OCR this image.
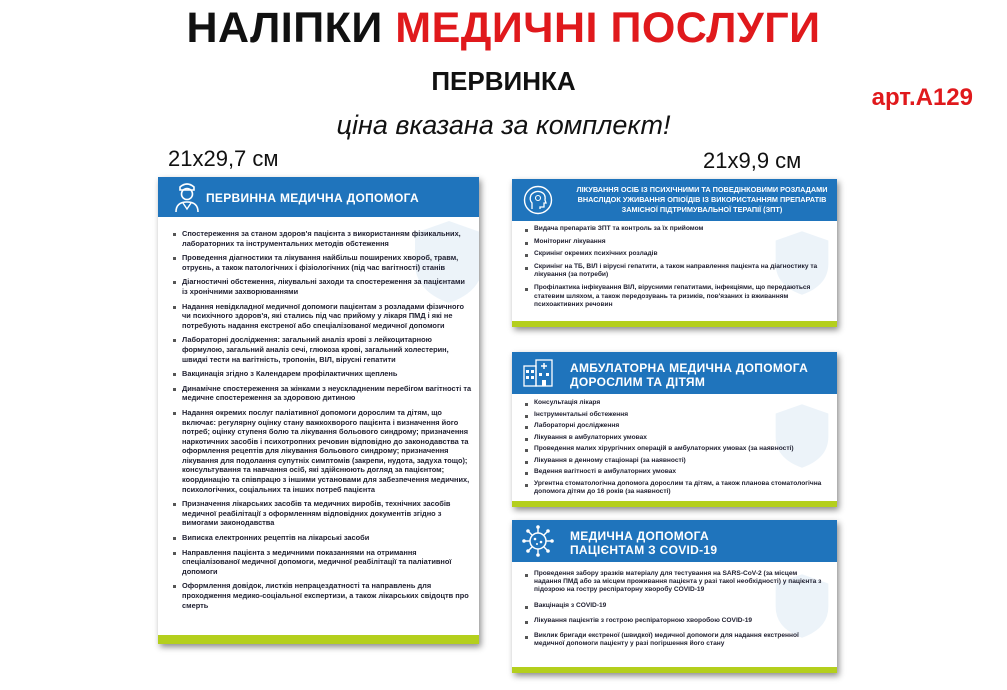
НАЛІПКИ МЕДИЧНІ ПОСЛУГИ
ПЕРВИНКА
арт.А129
ціна вказана за комплект!
21х29,7 см	21х9,9 см
ПЕРВИННА МЕДИЧНА ДОПОМОГА
Спостереження за станом здоров'я пацієнта з використанням фізикальних, лабораторних та інструментальних методів обстеження
Проведення діагностики та лікування найбільш поширених хвороб, травм, отруєнь, а також патологічних і фізіологічних (під час вагітності) станів
Діагностичні обстеження, лікувальні заходи та спостереження за пацієнтами із хронічними захворюваннями
Надання невідкладної медичної допомоги пацієнтам з розладами фізичного чи психічного здоров'я, які стались під час прийому у лікаря ПМД і які не потребують надання екстреної або спеціалізованої медичної допомоги
Лабораторні дослідження: загальний аналіз крові з лейкоцитарною формулою, загальний аналіз сечі, глюкоза крові, загальний холестерин, швидкі тести на вагітність, тропонін, ВІЛ, вірусні гепатити
Вакцинація згідно з Календарем профілактичних щеплень
Динамічне спостереження за жінками з неускладненим перебігом вагітності та медичне спостереження за здоровою дитиною
Надання окремих послуг паліативної допомоги дорослим та дітям, що включає: регулярну оцінку стану важкохворого пацієнта і визначення його потреб; оцінку ступеня болю та лікування больового синдрому; призначення наркотичних засобів і психотропних речовин відповідно до законодавства та оформлення рецептів для лікування больового синдрому; призначення лікування для подолання супутніх симптомів (закрепи, нудота, задуха тощо); консультування та навчання осіб, які здійснюють догляд за пацієнтом; координацію та співпрацю з іншими установами для забезпечення медичних, психологічних, соціальних та інших потреб пацієнта
Призначення лікарських засобів та медичних виробів, технічних засобів медичної реабілітації з оформленням відповідних документів згідно з вимогами законодавства
Виписка електронних рецептів на лікарські засоби
Направлення пацієнта з медичними показаннями на отримання спеціалізованої медичної допомоги, медичної реабілітації та паліативної допомоги
Оформлення довідок, листків непрацездатності та направлень для проходження медико-соціальної експертизи, а також лікарських свідоцтв про смерть
ЛІКУВАННЯ ОСІБ ІЗ ПСИХІЧНИМИ ТА ПОВЕДІНКОВИМИ РОЗЛАДАМИ ВНАСЛІДОК УЖИВАННЯ ОПІОЇДІВ ІЗ ВИКОРИСТАННЯМ ПРЕПАРАТІВ ЗАМІСНОЇ ПІДТРИМУВАЛЬНОЇ ТЕРАПІЇ (ЗПТ)
Видача препаратів ЗПТ та контроль за їх прийомом
Моніторинг лікування
Скринінг окремих психічних розладів
Скринінг на ТБ, ВІЛ і вірусні гепатити, а також направлення пацієнта на діагностику та лікування (за потреби)
Профілактика інфікування ВІЛ, вірусними гепатитами, інфекціями, що передаються статевим шляхом, а також передозувань та ризиків, пов'язаних із вживанням психоактивних речовин
АМБУЛАТОРНА МЕДИЧНА ДОПОМОГА
ДОРОСЛИМ ТА ДІТЯМ
Консультація лікаря
Інструментальні обстеження
Лабораторні дослідження
Лікування в амбулаторних умовах
Проведення малих хірургічних операцій в амбулаторних умовах (за наявності)
Лікування в денному стаціонарі (за наявності)
Ведення вагітності в амбулаторних умовах
Ургентна стоматологічна допомога дорослим та дітям, а також планова стоматологічна допомога дітям до 16 років (за наявності)
МЕДИЧНА ДОПОМОГА
ПАЦІЄНТАМ З COVID-19
Проведення забору зразків матеріалу для тестування на SARS-CoV-2 (за місцем надання ПМД або за місцем проживання пацієнта у разі такої необхідності) у пацієнта з підозрою на гостру респіраторну хворобу COVID-19
Вакцінація з COVID-19
Лікування пацієнтів з гострою респіраторною хворобою COVID-19
Виклик бригади екстреної (швидкої) медичної допомоги для надання екстренної медичної допомоги пацієнту у разі погіршення його стану
